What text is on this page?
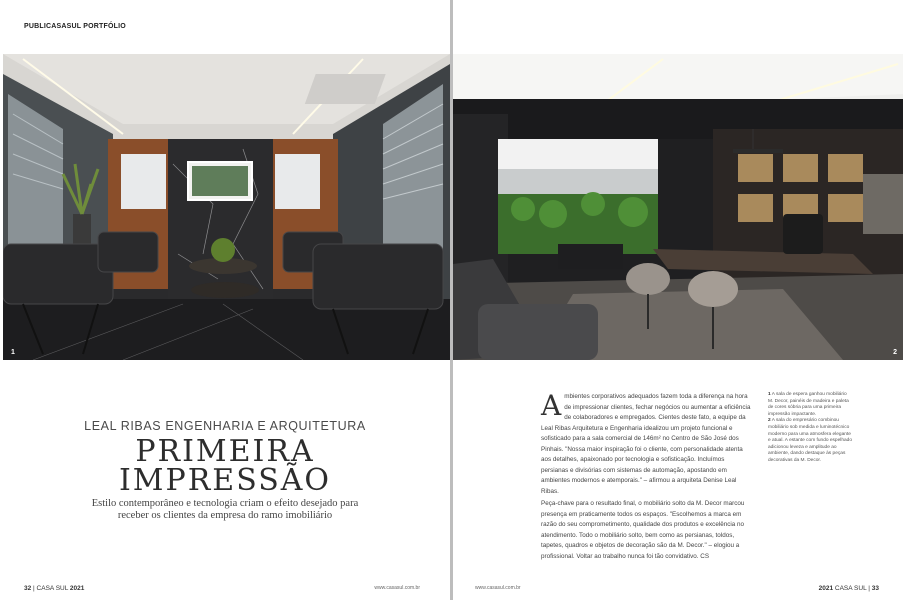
PUBLICASASUL PORTFÓLIO
1
LEAL RIBAS ENGENHARIA E ARQUITETURA
PRIMEIRA
IMPRESSÃO
Estilo contemporâneo e tecnologia criam o efeito desejado para receber os clientes da empresa do ramo imobiliário
32 | CASA SUL 2021	www.casasul.com.br
2
A mbientes corporativos adequados fazem toda a diferença na hora de impressionar clientes, fechar negócios ou aumentar a eficiência de colaboradores e empregados. Cientes deste fato, a equipe da Leal Ribas Arquitetura e Engenharia idealizou um projeto funcional e sofisticado para a sala comercial de 146m² no Centro de São José dos Pinhais. "Nossa maior inspiração foi o cliente, com personalidade atenta aos detalhes, apaixonado por tecnologia e sofisticação. Incluímos persianas e divisórias com sistemas de automação, apostando em ambientes modernos e atemporais." – afirmou a arquiteta Denise Leal Ribas.

Peça-chave para o resultado final, o mobiliário solto da M. Decor marcou presença em praticamente todos os espaços. "Escolhemos a marca em razão do seu comprometimento, qualidade dos produtos e excelência no atendimento. Todo o mobiliário solto, bem como as persianas, toldos, tapetes, quadros e objetos de decoração são da M. Decor." – elogiou a profissional. Voltar ao trabalho nunca foi tão convidativo. CS

1 A sala de espera ganhou mobiliário M. Decor, painéis de madeira e paleta de cores sóbria para uma primeira impressão impactante.

2 A sala do empresário combinou mobiliário sob medida e luminotécnico moderno para uma atmosfera elegante e atual. A estante com fundo espelhado adicionou leveza e amplitude ao ambiente, dando destaque às peças decorativas da M. Decor.

www.casasul.com.br	2021 CASA SUL | 33
